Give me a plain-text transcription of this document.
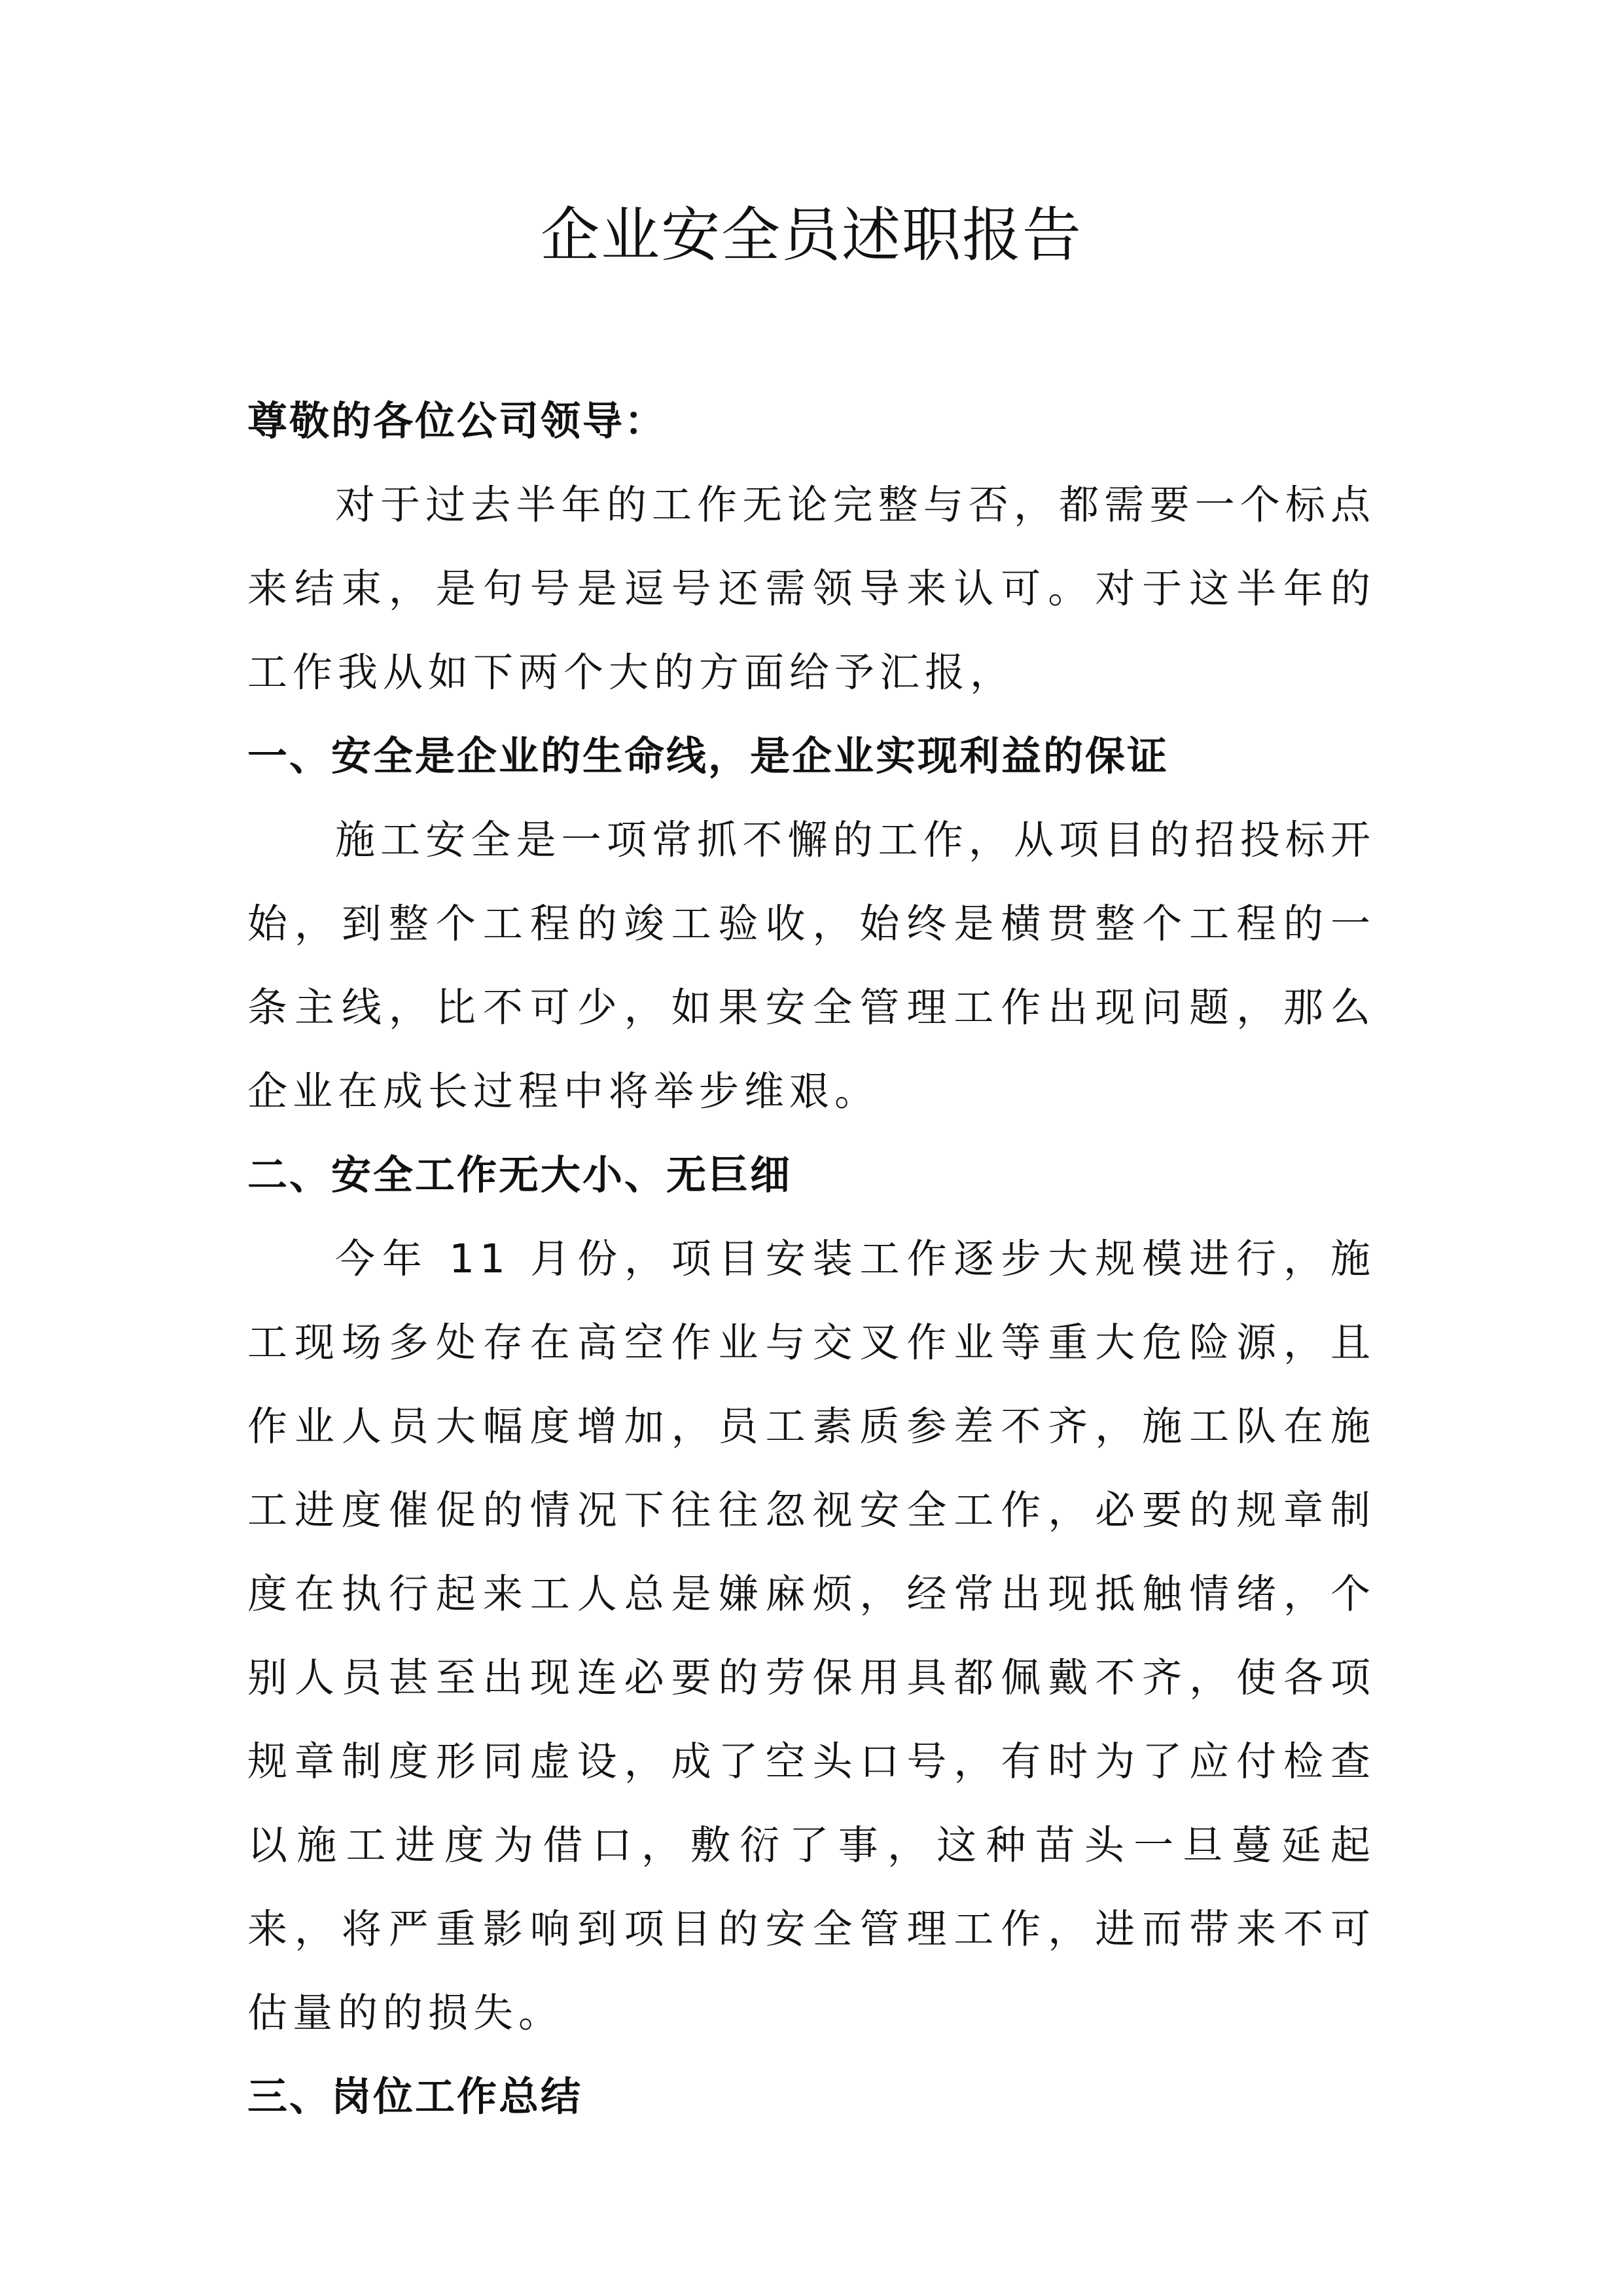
企业安全员述职报告

尊敬的各位公司领导：

对于过去半年的工作无论完整与否，都需要一个标点来结束，是句号是逗号还需领导来认可。对于这半年的工作我从如下两个大的方面给予汇报，

一、安全是企业的生命线，是企业实现利益的保证

施工安全是一项常抓不懈的工作，从项目的招投标开始，到整个工程的竣工验收，始终是横贯整个工程的一条主线，比不可少，如果安全管理工作出现问题，那么企业在成长过程中将举步维艰。

二、安全工作无大小、无巨细

今年 11 月份，项目安装工作逐步大规模进行，施工现场多处存在高空作业与交叉作业等重大危险源，且作业人员大幅度增加，员工素质参差不齐，施工队在施工进度催促的情况下往往忽视安全工作，必要的规章制度在执行起来工人总是嫌麻烦，经常出现抵触情绪，个别人员甚至出现连必要的劳保用具都佩戴不齐，使各项规章制度形同虚设，成了空头口号，有时为了应付检查以施工进度为借口，敷衍了事，这种苗头一旦蔓延起来，将严重影响到项目的安全管理工作，进而带来不可估量的的损失。

三、岗位工作总结
